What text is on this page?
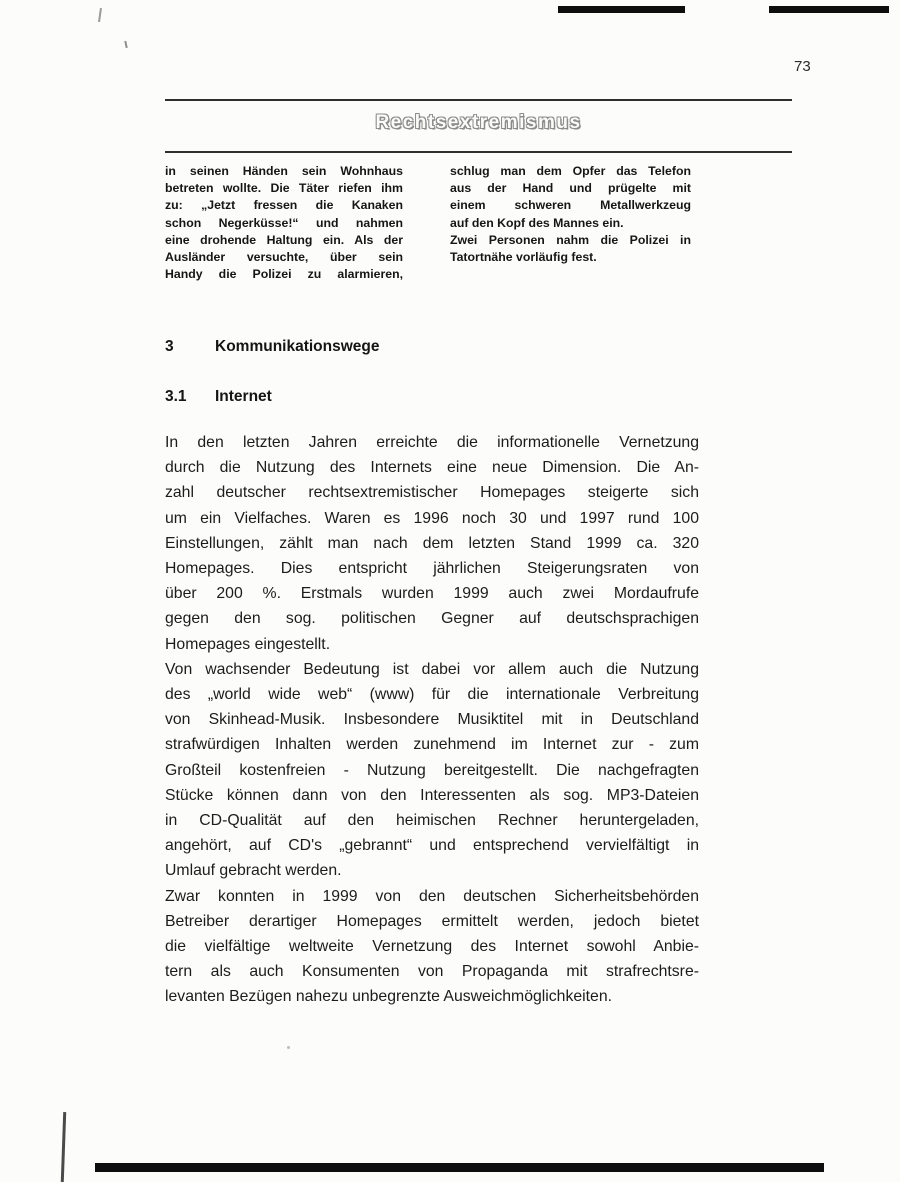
73
Rechtsextremismus
in seinen Händen sein Wohnhaus
betreten wollte. Die Täter riefen ihm
zu: „Jetzt fressen die Kanaken
schon Negerküsse!“ und nahmen
eine drohende Haltung ein. Als der
Ausländer versuchte, über sein
Handy die Polizei zu alarmieren,
schlug man dem Opfer das Telefon
aus der Hand und prügelte mit
einem schweren Metallwerkzeug
auf den Kopf des Mannes ein.
Zwei Personen nahm die Polizei in
Tatortnähe vorläufig fest.
3	Kommunikationswege
3.1 Internet
In den letzten Jahren erreichte die informationelle Vernetzung
durch die Nutzung des Internets eine neue Dimension. Die An-
zahl deutscher rechtsextremistischer Homepages steigerte sich
um ein Vielfaches. Waren es 1996 noch 30 und 1997 rund 100
Einstellungen, zählt man nach dem letzten Stand 1999 ca. 320
Homepages. Dies entspricht jährlichen Steigerungsraten von
über 200 %. Erstmals wurden 1999 auch zwei Mordaufrufe
gegen den sog. politischen Gegner auf deutschsprachigen
Homepages eingestellt.
Von wachsender Bedeutung ist dabei vor allem auch die Nutzung
des „world wide web“ (www) für die internationale Verbreitung
von Skinhead-Musik. Insbesondere Musiktitel mit in Deutschland
strafwürdigen Inhalten werden zunehmend im Internet zur - zum
Großteil kostenfreien - Nutzung bereitgestellt. Die nachgefragten
Stücke können dann von den Interessenten als sog. MP3-Dateien
in CD-Qualität auf den heimischen Rechner heruntergeladen,
angehört, auf CD's „gebrannt“ und entsprechend vervielfältigt in
Umlauf gebracht werden.
Zwar konnten in 1999 von den deutschen Sicherheitsbehörden
Betreiber derartiger Homepages ermittelt werden, jedoch bietet
die vielfältige weltweite Vernetzung des Internet sowohl Anbie-
tern als auch Konsumenten von Propaganda mit strafrechtsre-
levanten Bezügen nahezu unbegrenzte Ausweichmöglichkeiten.
